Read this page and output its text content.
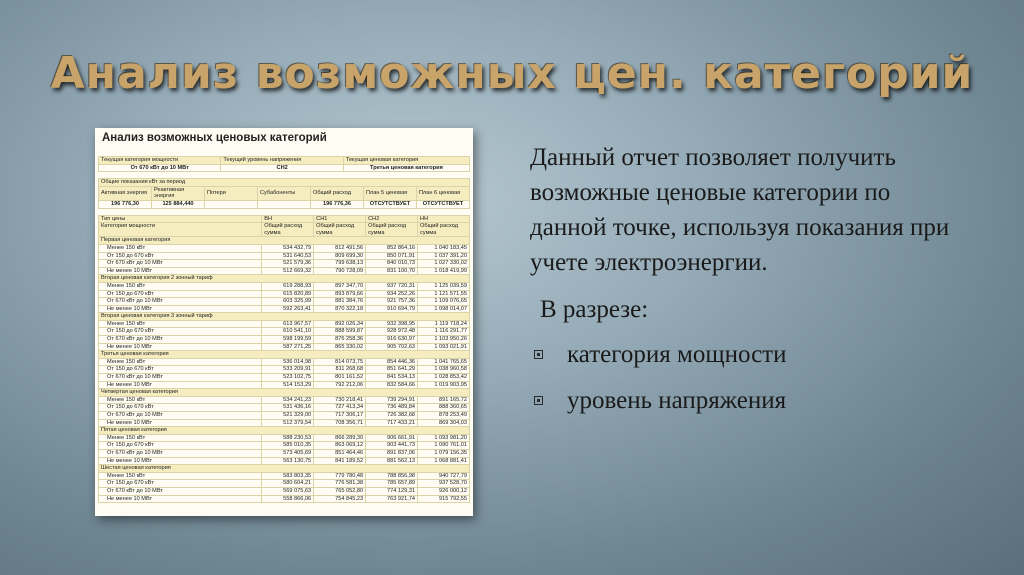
Анализ возможных цен. категорий
Анализ возможных ценовых категорий
Текущая категория мощности	Текущий уровень напряжения	Текущая ценовая категория
От 670 кВт до 10 МВт	СН2	Третья ценовая категория
Общие показания кВт за период						
Активная энергия	Реактивная энергия	Потери	Субабоненты	Общий расход	План 5 ценовая	План 6 ценовая
196 776,30	125 884,440			196 776,36	ОТСУТСТВУЕТ	ОТСУТСТВУЕТ
Тип цены	ВН	СН1	СН2	НН
Категория мощности	Общий расход сумма	Общий расход сумма	Общий расход сумма	Общий расход сумма
Первая ценовая категория				
Менее 150 кВт	534 432,79	812 491,56	852 864,16	1 040 183,45
От 150 до 670 кВт	531 640,53	809 699,30	850 071,91	1 037 391,20
От 670 кВт до 10 МВт	521 579,36	799 638,13	840 010,73	1 027 330,02
Не менее 10 МВт	512 669,32	790 728,09	831 100,70	1 018 419,99
Вторая ценовая категория 2 зонный тариф				
Менее 150 кВт	619 288,93	897 347,70	937 720,31	1 125 039,59
От 150 до 670 кВт	615 820,89	893 879,66	934 252,26	1 121 571,55
От 670 кВт до 10 МВт	603 325,99	881 384,76	921 757,36	1 109 076,65
Не менее 10 МВт	592 263,41	870 322,18	910 694,79	1 098 014,07
Вторая ценовая категория 3 зонный тариф				
Менее 150 кВт	613 967,57	892 026,34	932 398,95	1 119 718,24
От 150 до 670 кВт	610 541,10	888 599,87	928 972,48	1 116 291,77
От 670 кВт до 10 МВт	598 199,59	876 258,36	916 630,97	1 103 950,26
Не менее 10 МВт	587 271,25	865 330,02	905 702,63	1 093 021,91
Третья ценовая категория				
Менее 150 кВт	536 014,98	814 073,75	854 446,36	1 041 765,65
От 150 до 670 кВт	533 209,91	811 268,68	851 641,29	1 038 960,58
От 670 кВт до 10 МВт	523 102,75	801 161,52	841 534,13	1 028 853,42
Не менее 10 МВт	514 153,29	792 212,06	832 584,66	1 019 903,95
Четвертая ценовая категория				
Менее 150 кВт	534 241,23	730 218,41	739 294,91	891 165,72
От 150 до 670 кВт	531 436,16	727 413,34	736 489,84	888 360,65
От 670 кВт до 10 МВт	521 329,00	717 306,17	726 382,68	878 253,49
Не менее 10 МВт	512 379,54	708 356,71	717 433,21	869 304,03
Пятая ценовая категория				
Менее 150 кВт	588 230,53	866 289,30	906 661,91	1 093 981,20
От 150 до 670 кВт	585 010,35	863 069,12	903 441,73	1 090 761,01
От 670 кВт до 10 МВт	573 405,69	851 464,46	891 837,06	1 079 156,35
Не менее 10 МВт	563 130,75	841 189,52	881 562,13	1 068 881,41
Шестая ценовая категория				
Менее 150 кВт	583 803,35	779 780,48	788 856,98	940 727,79
От 150 до 670 кВт	580 604,21	776 581,38	785 657,89	937 528,70
От 670 кВт до 10 МВт	569 075,63	765 052,80	774 129,31	926 000,12
Не менее 10 МВт	558 866,06	754 845,23	763 921,74	915 792,55
Данный отчет позволяет получить возможные ценовые категории по данной точке, используя показания при учете электроэнергии.
В разрезе:
категория мощности
уровень напряжения
